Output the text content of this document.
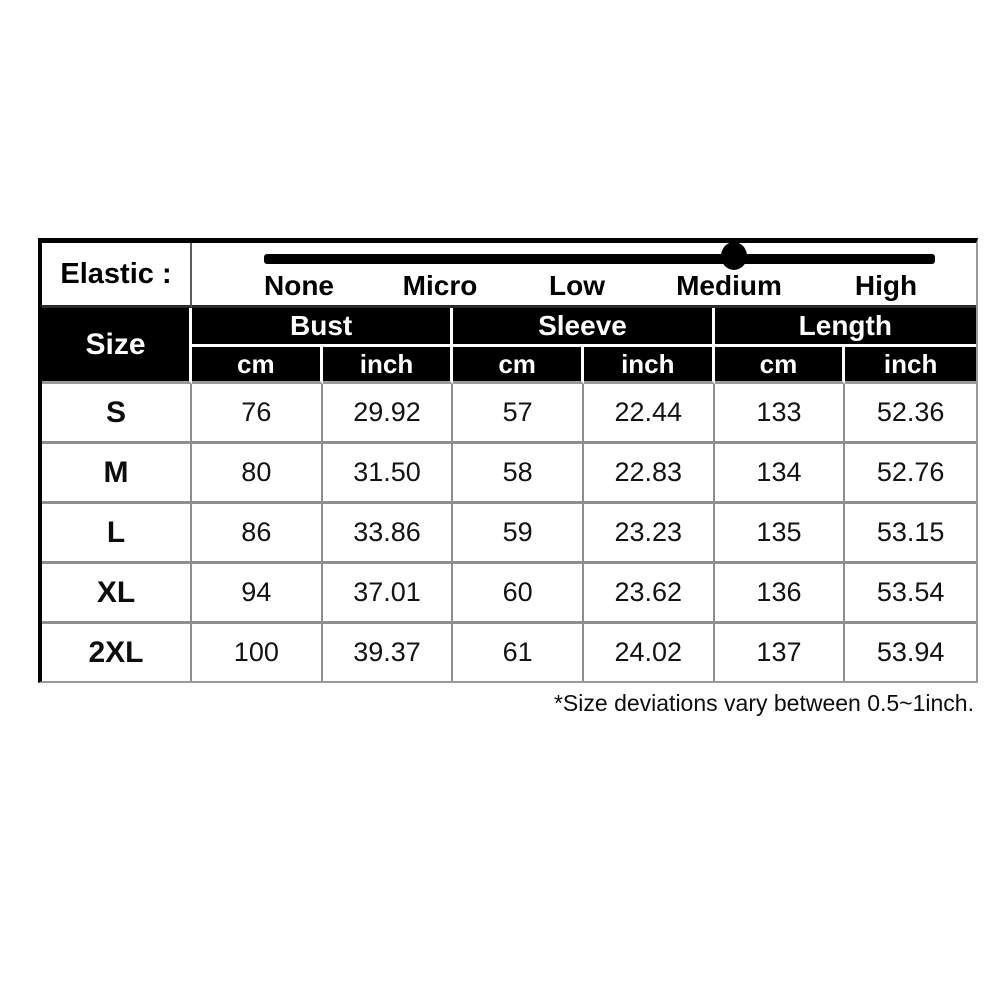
Elastic :	None Micro Low Medium High					

Size	Bust		Sleeve		Length	
	cm	inch	cm	inch	cm	inch
S	76	29.92	57	22.44	133	52.36
M	80	31.50	58	22.83	134	52.76
L	86	33.86	59	23.23	135	53.15
XL	94	37.01	60	23.62	136	53.54
2XL	100	39.37	61	24.02	137	53.94
*Size deviations vary between 0.5~1inch.
